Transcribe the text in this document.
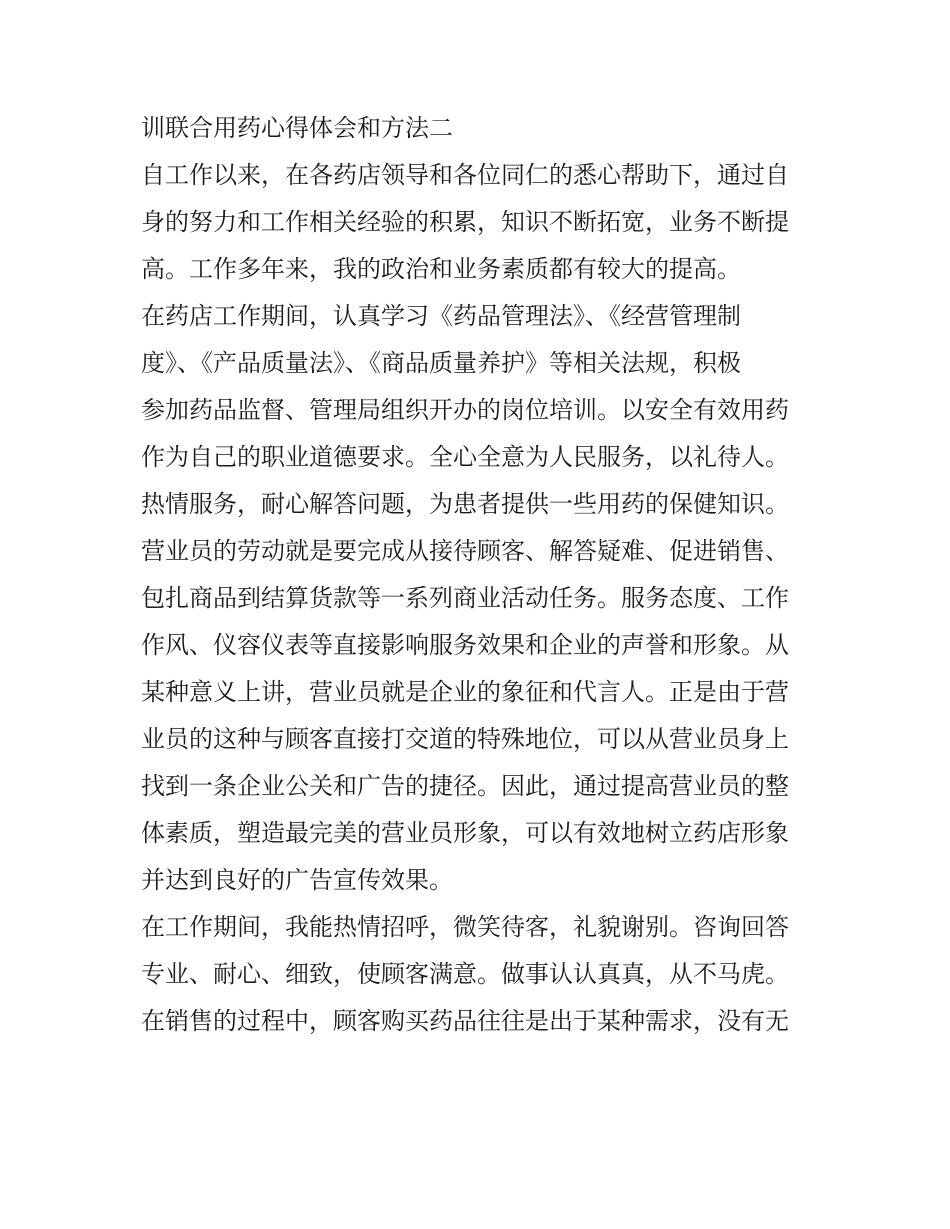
训联合用药心得体会和方法二
自工作以来，在各药店领导和各位同仁的悉心帮助下，通过自
身的努力和工作相关经验的积累，知识不断拓宽，业务不断提
高。工作多年来，我的政治和业务素质都有较大的提高。
在药店工作期间，认真学习《药品管理法》、《经营管理制
度》、《产品质量法》、《商品质量养护》等相关法规，积极
参加药品监督、管理局组织开办的岗位培训。以安全有效用药
作为自己的职业道德要求。全心全意为人民服务，以礼待人。
热情服务，耐心解答问题，为患者提供一些用药的保健知识。
营业员的劳动就是要完成从接待顾客、解答疑难、促进销售、
包扎商品到结算货款等一系列商业活动任务。服务态度、工作
作风、仪容仪表等直接影响服务效果和企业的声誉和形象。从
某种意义上讲，营业员就是企业的象征和代言人。正是由于营
业员的这种与顾客直接打交道的特殊地位，可以从营业员身上
找到一条企业公关和广告的捷径。因此，通过提高营业员的整
体素质，塑造最完美的营业员形象，可以有效地树立药店形象
并达到良好的广告宣传效果。
在工作期间，我能热情招呼，微笑待客，礼貌谢别。咨询回答
专业、耐心、细致，使顾客满意。做事认认真真，从不马虎。
在销售的过程中，顾客购买药品往往是出于某种需求，没有无
